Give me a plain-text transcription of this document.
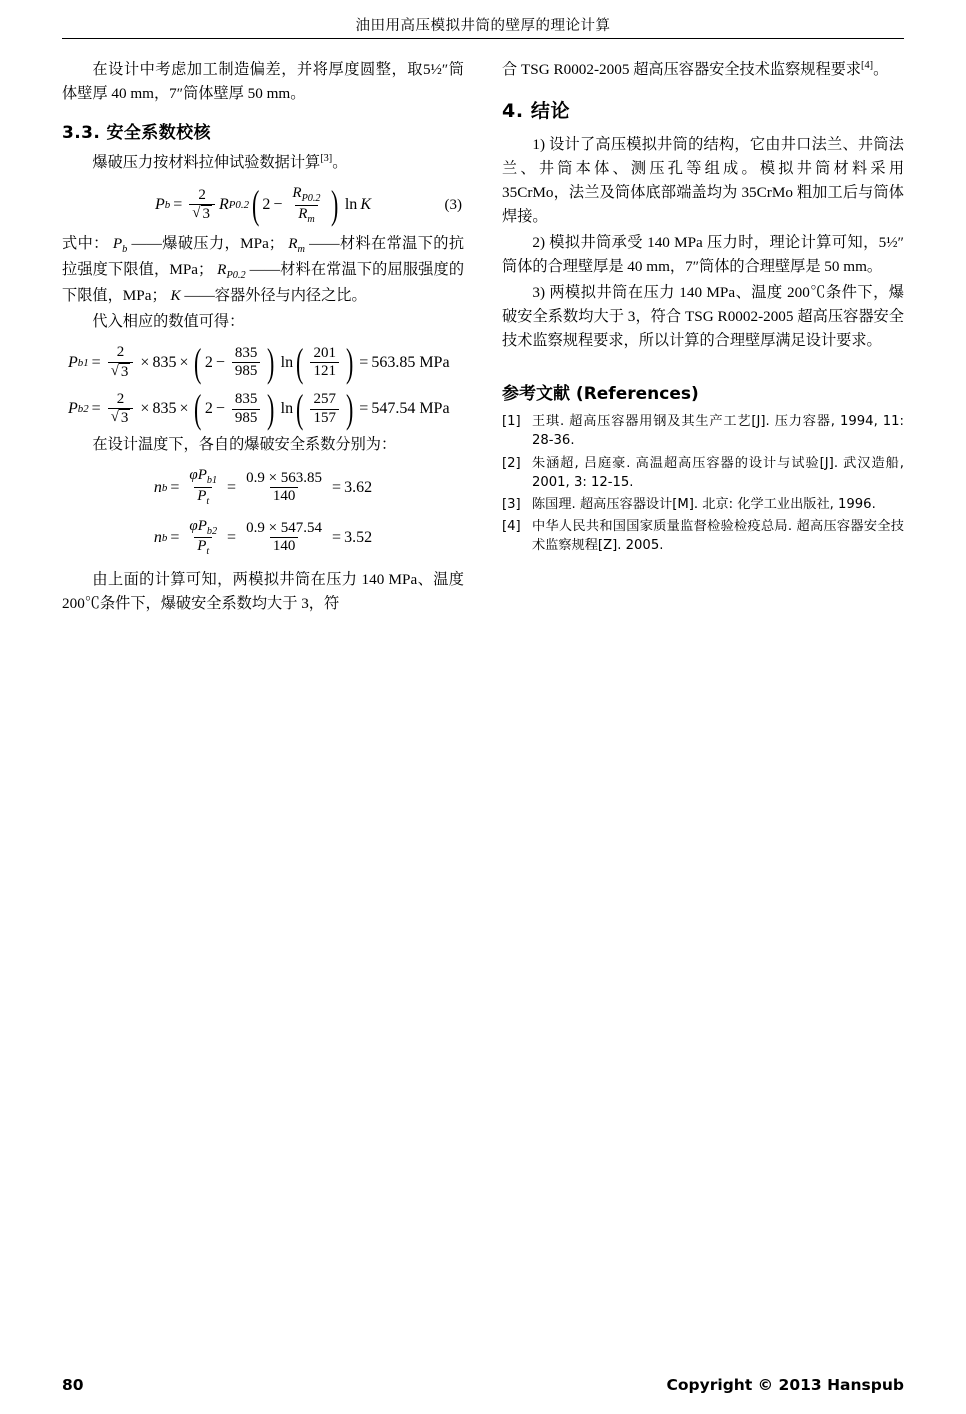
油田用高压模拟井筒的壁厚的理论计算

在设计中考虑加工制造偏差，并将厚度圆整，取5½″筒体壁厚 40 mm，7″筒体壁厚 50 mm。

3.3. 安全系数校核

爆破压力按材料拉伸试验数据计算[3]。

P $b = \frac{2}{√ 3}$ R P0.2 ( $2 - \frac{R_{P0.2}}{R_m}$ ) ln K	(3)

式中： $P_b$ ——爆破压力，MPa； $R_m$ ——材料在常温下的抗拉强度下限值，MPa； $R_{P0.2}$ ——材料在常温下的屈服强度的下限值，MPa； K ——容器外径与内径之比。

代入相应的数值可得：

P $b1 = \frac{2}{√ 3} \times 835$ × ( $2 - \frac{835}{985}$ ) ln ( $\frac{201}{121}$ ) = 563.85 MPa
P $b2 = \frac{2}{√ 3} \times 835$ × ( $2 - \frac{835}{985}$ ) ln ( $\frac{257}{157}$ ) = 547.54 MPa

在设计温度下，各自的爆破安全系数分别为：

n $b = \frac{\varphi P_{b1}}{P_t} = \frac{0.9 \times 563.85}{140} = 3.62$
n $b = \frac{\varphi P_{b2}}{P_t} = \frac{0.9 \times 547.54}{140} = 3.52$

由上面的计算可知，两模拟井筒在压力 140 MPa、温度 200℃条件下，爆破安全系数均大于 3，符

合 TSG R0002-2005 超高压容器安全技术监察规程要求[4]。

4. 结论

1) 设计了高压模拟井筒的结构，它由井口法兰、井筒法兰、井筒本体、测压孔等组成。模拟井筒材料采用 35CrMo，法兰及筒体底部端盖均为 35CrMo 粗加工后与筒体焊接。

2) 模拟井筒承受 140 MPa 压力时，理论计算可知，5½″筒体的合理壁厚是 40 mm，7″筒体的合理壁厚是 50 mm。

3) 两模拟井筒在压力 140 MPa、温度 200℃条件下，爆破安全系数均大于 3，符合 TSG R0002-2005 超高压容器安全技术监察规程要求，所以计算的合理壁厚满足设计要求。

参考文献 (References)
[1] 王琪. 超高压容器用钢及其生产工艺[J]. 压力容器, 1994, 11: 28-36.
[2] 朱涵超, 吕庭豪. 高温超高压容器的设计与试验[J]. 武汉造船, 2001, 3: 12-15.
[3] 陈国理. 超高压容器设计[M]. 北京: 化学工业出版社, 1996.
[4] 中华人民共和国国家质量监督检验检疫总局. 超高压容器安全技术监察规程[Z]. 2005.
80	Copyright © 2013 Hanspub
